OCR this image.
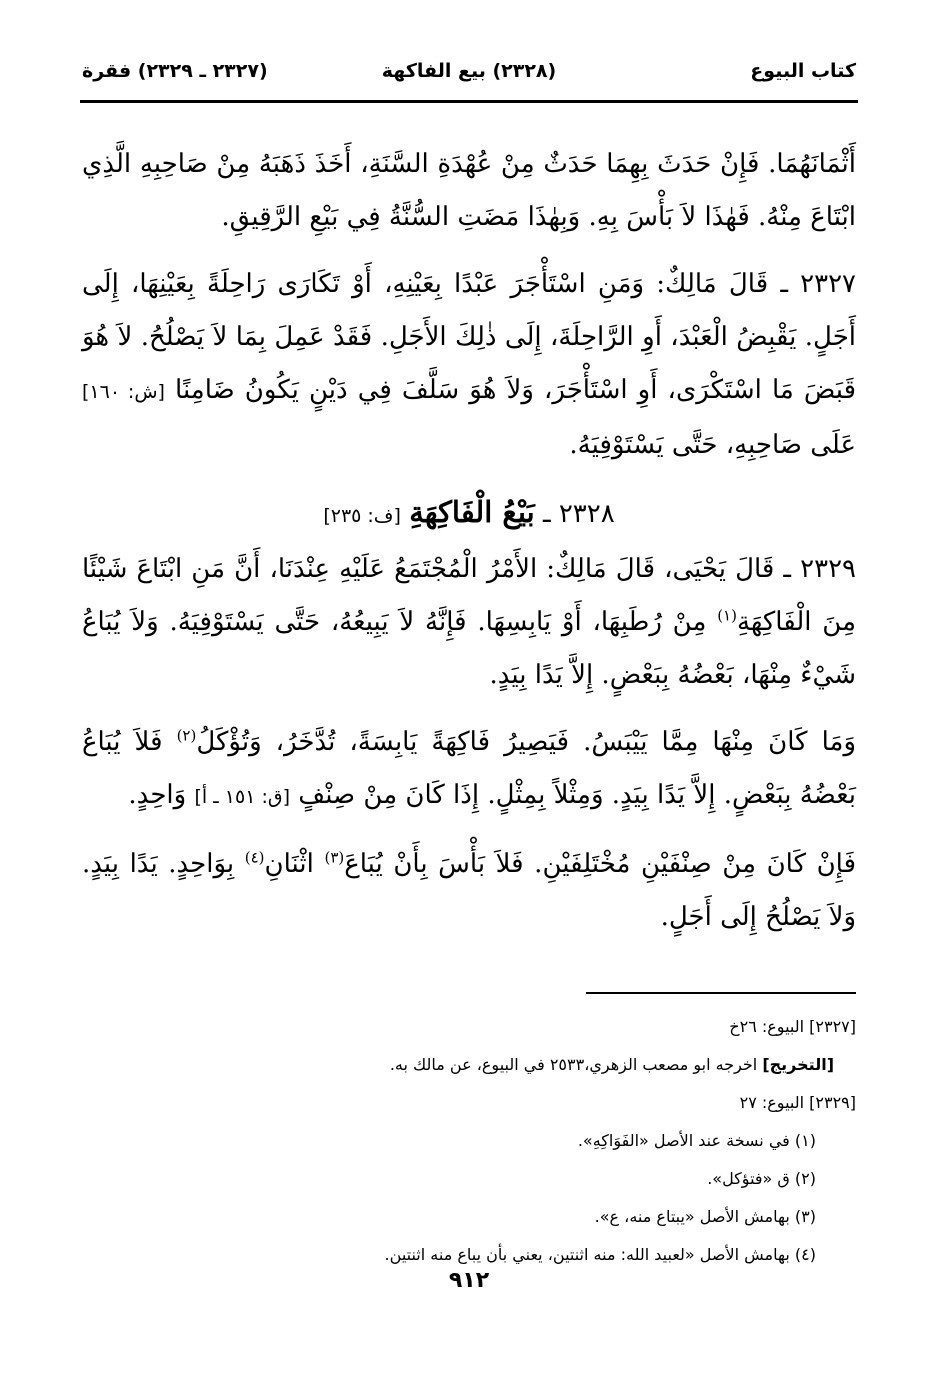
كتاب البيوع
(٢٣٢٨) بيع الفاكهة
(٢٣٢٧ ـ ٢٣٢٩) فقرة

أَثْمَانَهُمَا. فَإِنْ حَدَثَ بِهِمَا حَدَثٌ مِنْ عُهْدَةِ السَّنَةِ، أَخَذَ ذَهَبَهُ مِنْ صَاحِبِهِ الَّذِي ابْتَاعَ مِنْهُ. فَهٰذَا لاَ بَأْسَ بِهِ. وَبِهٰذَا مَضَتِ السُّنَّةُ فِي بَيْعِ الرَّقِيقِ.

٢٣٢٧ ـ قَالَ مَالِكٌ: وَمَنِ اسْتَأْجَرَ عَبْدًا بِعَيْنِهِ، أَوْ تَكَارَى رَاحِلَةً بِعَيْنِهَا، إِلَى أَجَلٍ. يَقْبِضُ الْعَبْدَ، أَوِ الرَّاحِلَةَ، إِلَى ذٰلِكَ الأَجَلِ. فَقَدْ عَمِلَ بِمَا لاَ يَصْلُحُ. لاَ هُوَ قَبَضَ مَا اسْتَكْرَى، أَوِ اسْتَأْجَرَ، وَلاَ هُوَ سَلَّفَ فِي دَيْنٍ يَكُونُ ضَامِنًا [ش: ١٦٠] عَلَى صَاحِبِهِ، حَتَّى يَسْتَوْفِيَهُ.

٢٣٢٨ ـ بَيْعُ الْفَاكِهَةِ [ف: ٢٣٥]

٢٣٢٩ ـ قَالَ يَحْيَى، قَالَ مَالِكٌ: الأَمْرُ الْمُجْتَمَعُ عَلَيْهِ عِنْدَنَا، أَنَّ مَنِ ابْتَاعَ شَيْئًا مِنَ الْفَاكِهَةِ$^{(١)}$ مِنْ رُطَبِهَا، أَوْ يَابِسِهَا. فَإِنَّهُ لاَ يَبِيعُهُ، حَتَّى يَسْتَوْفِيَهُ. وَلاَ يُبَاعُ شَيْءٌ مِنْهَا، بَعْضُهُ بِبَعْضٍ. إِلاَّ يَدًا بِيَدٍ.

وَمَا كَانَ مِنْهَا مِمَّا يَيْبَسُ. فَيَصِيرُ فَاكِهَةً يَابِسَةً، تُدَّخَرُ، وَتُؤْكَلُ$^{(٢)}$ فَلاَ يُبَاعُ بَعْضُهُ بِبَعْضٍ. إِلاَّ يَدًا بِيَدٍ. وَمِثْلاً بِمِثْلٍ. إِذَا كَانَ مِنْ صِنْفٍ [ق: ١٥١ ـ أ] وَاحِدٍ.

فَإِنْ كَانَ مِنْ صِنْفَيْنِ مُخْتَلِفَيْنِ. فَلاَ بَأْسَ بِأَنْ يُبَاعَ$^{(٣)}$ اثْنَانِ$^{(٤)}$ بِوَاحِدٍ. يَدًا بِيَدٍ. وَلاَ يَصْلُحُ إِلَى أَجَلٍ.

[٢٣٢٧] البيوع: ٢٦خ
[التخريج] اخرجه ابو مصعب الزهري،٢٥٣٣ في البيوع، عن مالك به.
[٢٣٢٩] البيوع: ٢٧
(١) في نسخة عند الأصل «الفَوَاكِهِ».
(٢) ق «فتؤكل».
(٣) بهامش الأصل «يبتاع منه، ع».
(٤) بهامش الأصل «لعبيد الله: منه اثنتين، يعني بأن يباع منه اثنتين.
٩١٢
